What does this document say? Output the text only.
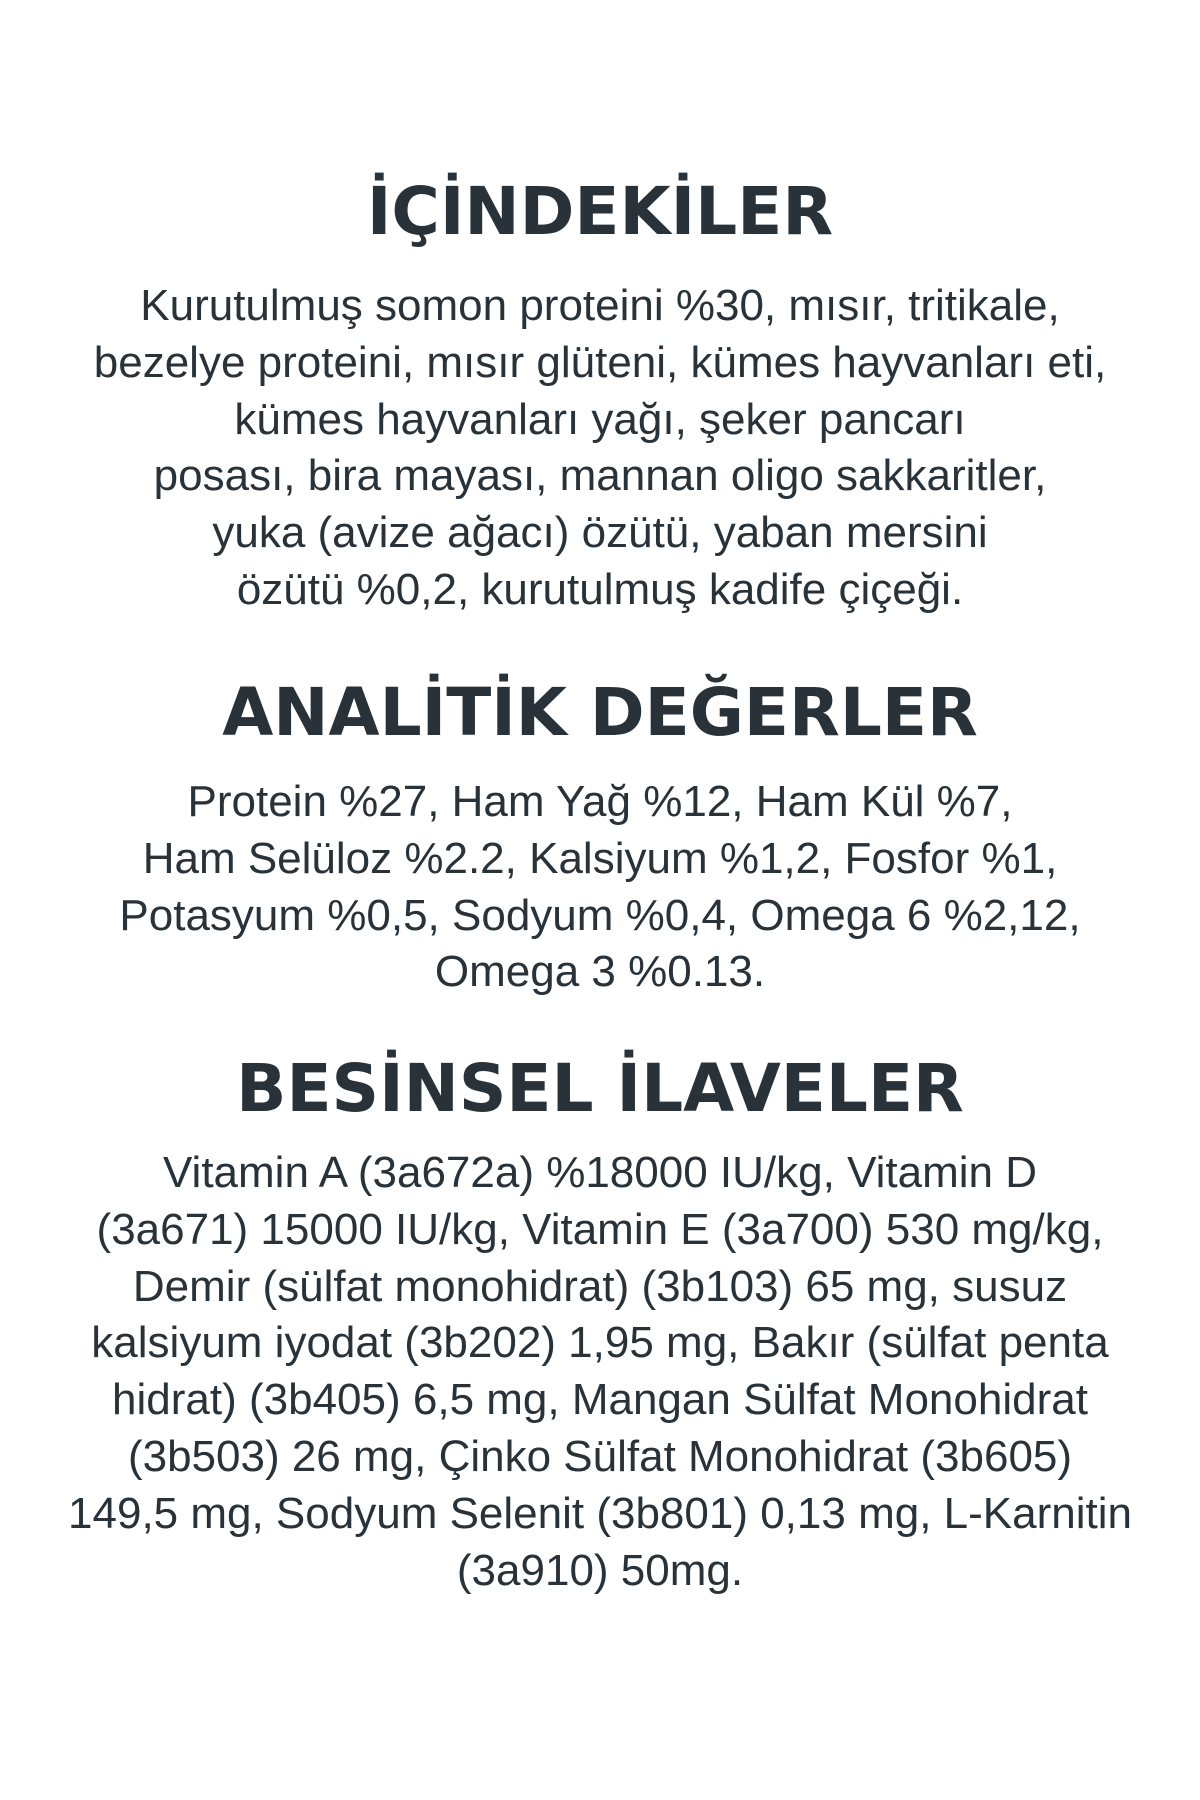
İÇİNDEKİLER
Kurutulmuş somon proteini %30, mısır, tritikale,
bezelye proteini, mısır glüteni, kümes hayvanları eti,
kümes hayvanları yağı, şeker pancarı
posası, bira mayası, mannan oligo sakkaritler,
yuka (avize ağacı) özütü, yaban mersini
özütü %0,2, kurutulmuş kadife çiçeği.
ANALİTİK DEĞERLER
Protein %27, Ham Yağ %12, Ham Kül %7,
Ham Selüloz %2.2, Kalsiyum %1,2, Fosfor %1,
Potasyum %0,5, Sodyum %0,4, Omega 6 %2,12,
Omega 3 %0.13.
BESİNSEL İLAVELER
Vitamin A (3a672a) %18000 IU/kg, Vitamin D
(3a671) 15000 IU/kg, Vitamin E (3a700) 530 mg/kg,
Demir (sülfat monohidrat) (3b103) 65 mg, susuz
kalsiyum iyodat (3b202) 1,95 mg, Bakır (sülfat penta
hidrat) (3b405) 6,5 mg, Mangan Sülfat Monohidrat
(3b503) 26 mg, Çinko Sülfat Monohidrat (3b605)
149,5 mg, Sodyum Selenit (3b801) 0,13 mg, L-Karnitin
(3a910) 50mg.
